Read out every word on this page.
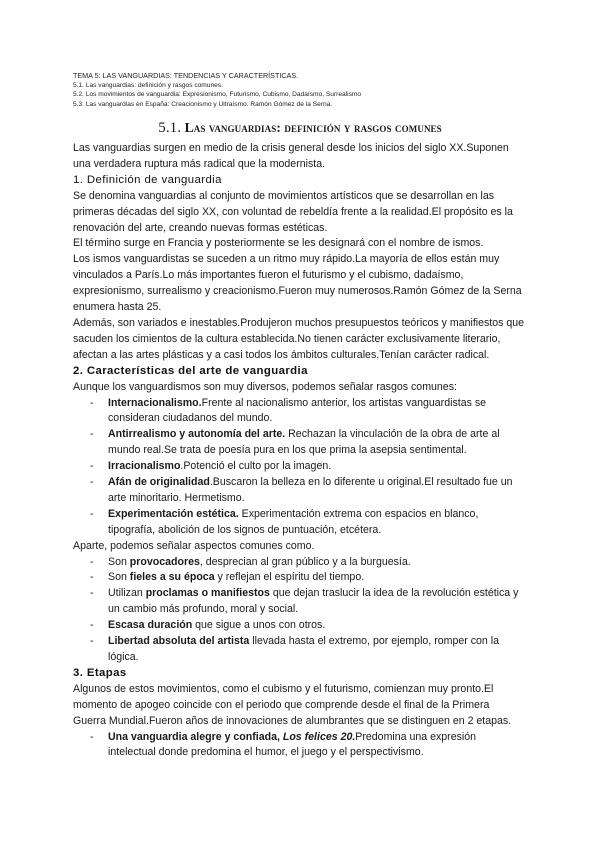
TEMA 5: LAS VANGUARDIAS: TENDENCIAS Y CARACTERÍSTICAS.
5.1. Las vanguardias: definición y rasgos comunes.
5.2. Los movimientos de vanguardia: Expresionismo, Futurismo, Cubismo, Dadaísmo, Surrealismo
5.3. Las vanguardias en España: Creacionismo y Ultraísmo. Ramón Gómez de la Serna.
5.1. Las vanguardias: definición y rasgos comunes

Las vanguardias surgen en medio de la crisis general desde los inicios del siglo XX.Suponen una verdadera ruptura más radical que la modernista.

1. Definición de vanguardia

Se denomina vanguardias al conjunto de movimientos artísticos que se desarrollan en las primeras décadas del siglo XX, con voluntad de rebeldía frente a la realidad.El propósito es la renovación del arte, creando nuevas formas estéticas.

El término surge en Francia y posteriormente se les designará con el nombre de ismos.

Los ismos vanguardistas se suceden a un ritmo muy rápido.La mayoría de ellos están muy vinculados a París.Lo más importantes fueron el futurismo y el cubismo, dadaísmo, expresionismo, surrealismo y creacionismo.Fueron muy numerosos.Ramón Gómez de la Serna enumera hasta 25.

Además, son variados e inestables.Produjeron muchos presupuestos teóricos y manifiestos que sacuden los cimientos de la cultura establecida.No tienen carácter exclusivamente literario, afectan a las artes plásticas y a casi todos los ámbitos culturales.Tenían carácter radical.

2. Características del arte de vanguardia

Aunque los vanguardismos son muy diversos, podemos señalar rasgos comunes:

- Internacionalismo.Frente al nacionalismo anterior, los artistas vanguardistas se consideran ciudadanos del mundo.
- Antirrealismo y autonomía del arte. Rechazan la vinculación de la obra de arte al mundo real.Se trata de poesía pura en los que prima la asepsia sentimental.
- Irracionalismo.Potenció el culto por la imagen.
- Afán de originalidad.Buscaron la belleza en lo diferente u original.El resultado fue un arte minoritario. Hermetismo.
- Experimentación estética. Experimentación extrema con espacios en blanco, tipografía, abolición de los signos de puntuación, etcétera.

Aparte, podemos señalar aspectos comunes como.

- Son provocadores, desprecian al gran público y a la burguesía.
- Son fieles a su época y reflejan el espíritu del tiempo.
- Utilizan proclamas o manifiestos que dejan traslucir la idea de la revolución estética y un cambio más profundo, moral y social.
- Escasa duración que sigue a unos con otros.
- Libertad absoluta del artista llevada hasta el extremo, por ejemplo, romper con la lógica.
3. Etapas

Algunos de estos movimientos, como el cubismo y el futurismo, comienzan muy pronto.El momento de apogeo coincide con el periodo que comprende desde el final de la Primera Guerra Mundial.Fueron años de innovaciones de alumbrantes que se distinguen en 2 etapas.

- Una vanguardia alegre y confiada, Los felices 20.Predomina una expresión intelectual donde predomina el humor, el juego y el perspectivismo.
